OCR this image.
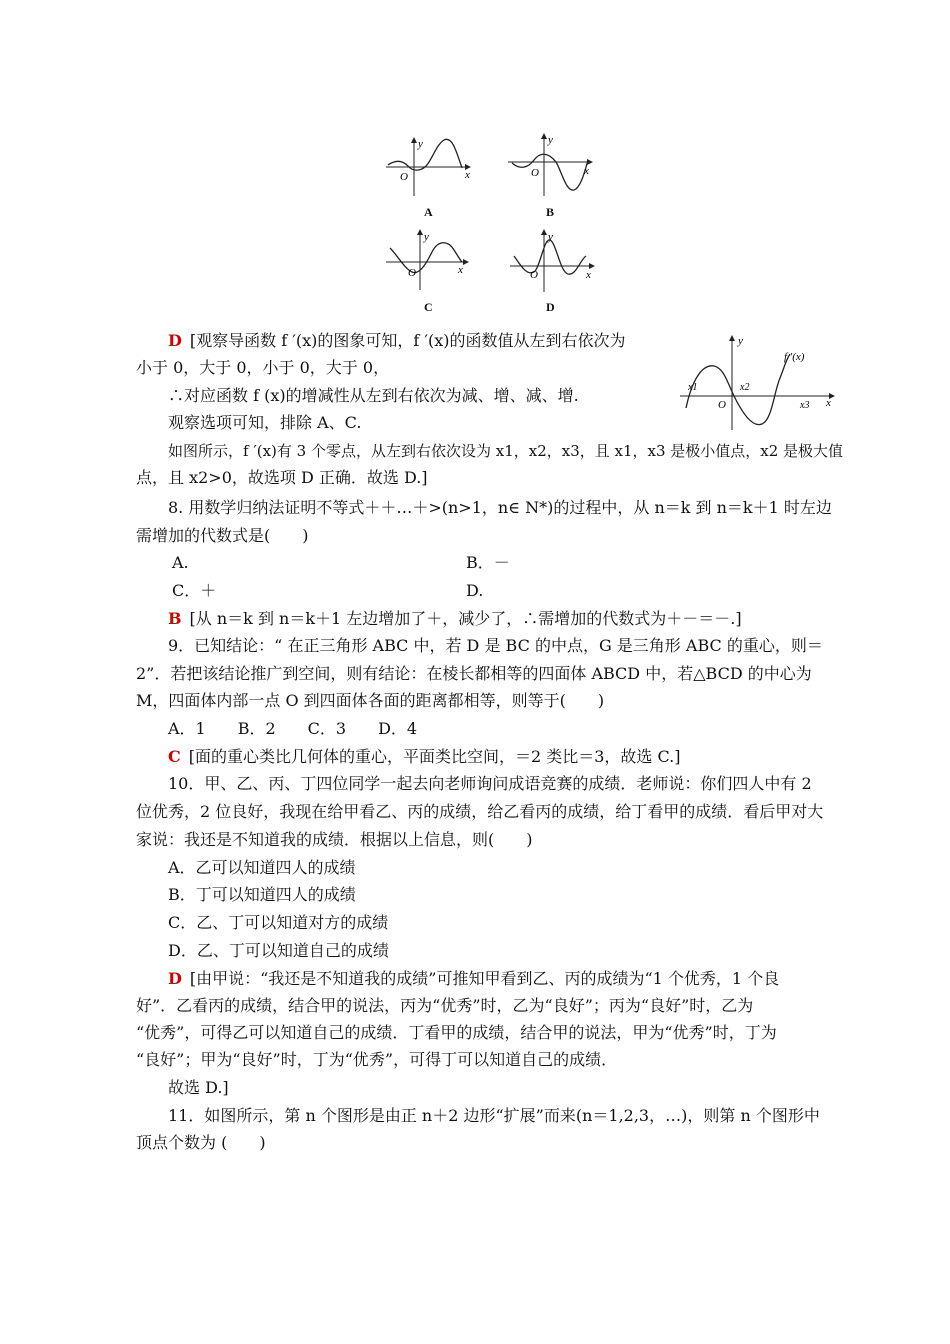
y
x
O
y
x
O
y
x
O
y
x
O
A	B
C	D
y
x
f ′(x)
O
x1	x2
x3
D [观察导函数 f ′(x)的图象可知，f ′(x)的函数值从左到右依次为
小于 0，大于 0，小于 0，大于 0，
∴对应函数 f (x)的增减性从左到右依次为减、增、减、增.
观察选项可知，排除 A、C.
如图所示，f ′(x)有 3 个零点，从左到右依次设为 x1，x2，x3，且 x1，x3 是极小值点，x2 是极大值
点，且 x2>0，故选项 D 正确．故选 D.]
8. 用数学归纳法证明不等式＋＋…＋>(n>1，n∈ N*)的过程中，从 n＝k 到 n＝k＋1 时左边
需增加的代数式是(　　)
A.	B．－
C．＋	D.
B [从 n＝k 到 n＝k＋1 左边增加了＋，减少了，∴需增加的代数式为＋－＝－.]
9．已知结论：“ 在正三角形 ABC 中，若 D 是 BC 的中点，G 是三角形 ABC 的重心，则＝
2”．若把该结论推广到空间，则有结论：在棱长都相等的四面体 ABCD 中，若△BCD 的中心为
M，四面体内部一点 O 到四面体各面的距离都相等，则等于(　　)
A．1　　B．2　　C．3　　D．4
C [面的重心类比几何体的重心，平面类比空间，＝2 类比＝3，故选 C.]
10．甲、乙、丙、丁四位同学一起去向老师询问成语竞赛的成绩．老师说：你们四人中有 2
位优秀，2 位良好，我现在给甲看乙、丙的成绩，给乙看丙的成绩，给丁看甲的成绩．看后甲对大
家说：我还是不知道我的成绩．根据以上信息，则(　　)
A．乙可以知道四人的成绩
B．丁可以知道四人的成绩
C．乙、丁可以知道对方的成绩
D．乙、丁可以知道自己的成绩
D [由甲说：“我还是不知道我的成绩”可推知甲看到乙、丙的成绩为“1 个优秀，1 个良
好”．乙看丙的成绩，结合甲的说法，丙为“优秀”时，乙为“良好”；丙为“良好”时，乙为
“优秀”，可得乙可以知道自己的成绩．丁看甲的成绩，结合甲的说法，甲为“优秀”时，丁为
“良好”；甲为“良好”时，丁为“优秀”，可得丁可以知道自己的成绩．
故选 D.]
11．如图所示，第 n 个图形是由正 n＋2 边形“扩展”而来(n＝1,2,3，…)，则第 n 个图形中
顶点个数为 (　　)
